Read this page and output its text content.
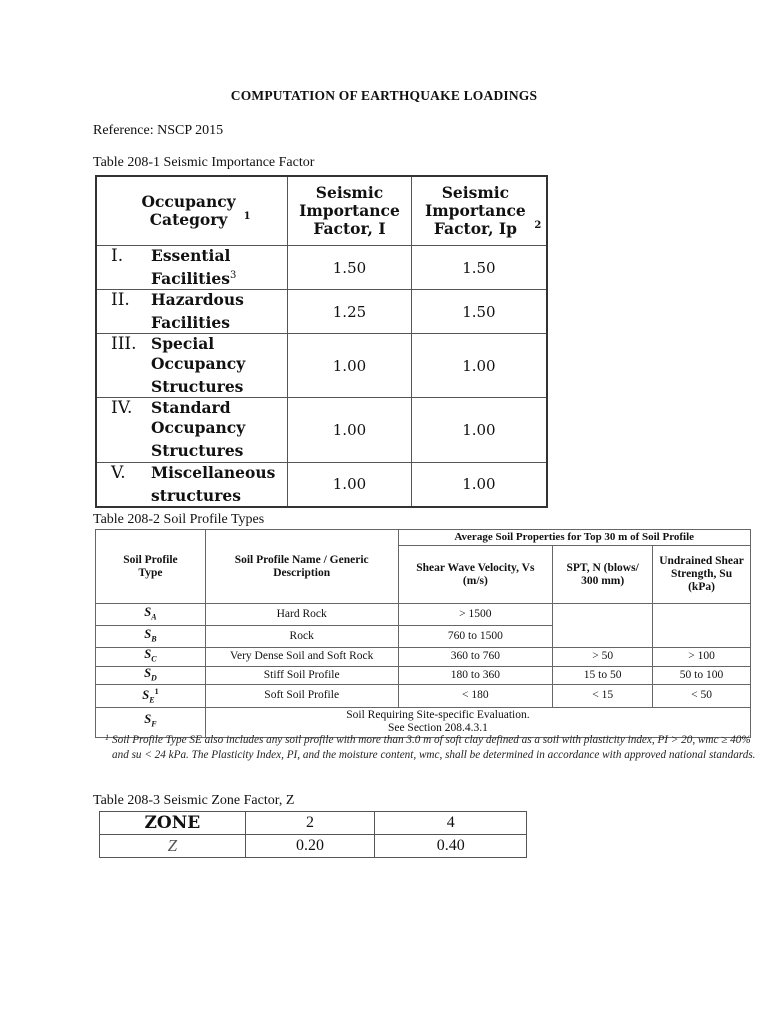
COMPUTATION OF EARTHQUAKE LOADINGS
Reference: NSCP 2015
Table 208-1 Seismic Importance Factor
Occupancy Category $^1$	Seismic Importance Factor, I	Seismic Importance Factor, Ip $^2$
I. Essential Facilities$^3$	1.50	1.50
II. Hazardous Facilities	1.25	1.50
III. Special Occupancy Structures	1.00	1.00
IV. Standard Occupancy Structures	1.00	1.00
V. Miscellaneous structures	1.00	1.00
Table 208-2 Soil Profile Types
Soil Profile Type	Soil Profile Name / Generic Description	Average Soil Properties for Top 30 m of Soil Profile		
		Shear Wave Velocity, Vs (m/s)	SPT, N (blows/ 300 mm)	Undrained Shear Strength, Su (kPa)
$S_A$	Hard Rock	> 1500		
$S_B$	Rock	760 to 1500		
$S_C$	Very Dense Soil and Soft Rock	360 to 760	> 50	> 100
$S_D$	Stiff Soil Profile	180 to 360	15 to 50	50 to 100
$S_E^1$	Soft Soil Profile	< 180	< 15	< 50
$S_F$	Soil Requiring Site-specific Evaluation.
See Section 208.4.3.1			
1 Soil Profile Type SE also includes any soil profile with more than 3.0 m of soft clay defined as a soil with plasticity index, PI > 20, wmc ≥ 40% and su < 24 kPa. The Plasticity Index, PI, and the moisture content, wmc, shall be determined in accordance with approved national standards.
Table 208-3 Seismic Zone Factor, Z
ZONE	2	4
Z	0.20	0.40
